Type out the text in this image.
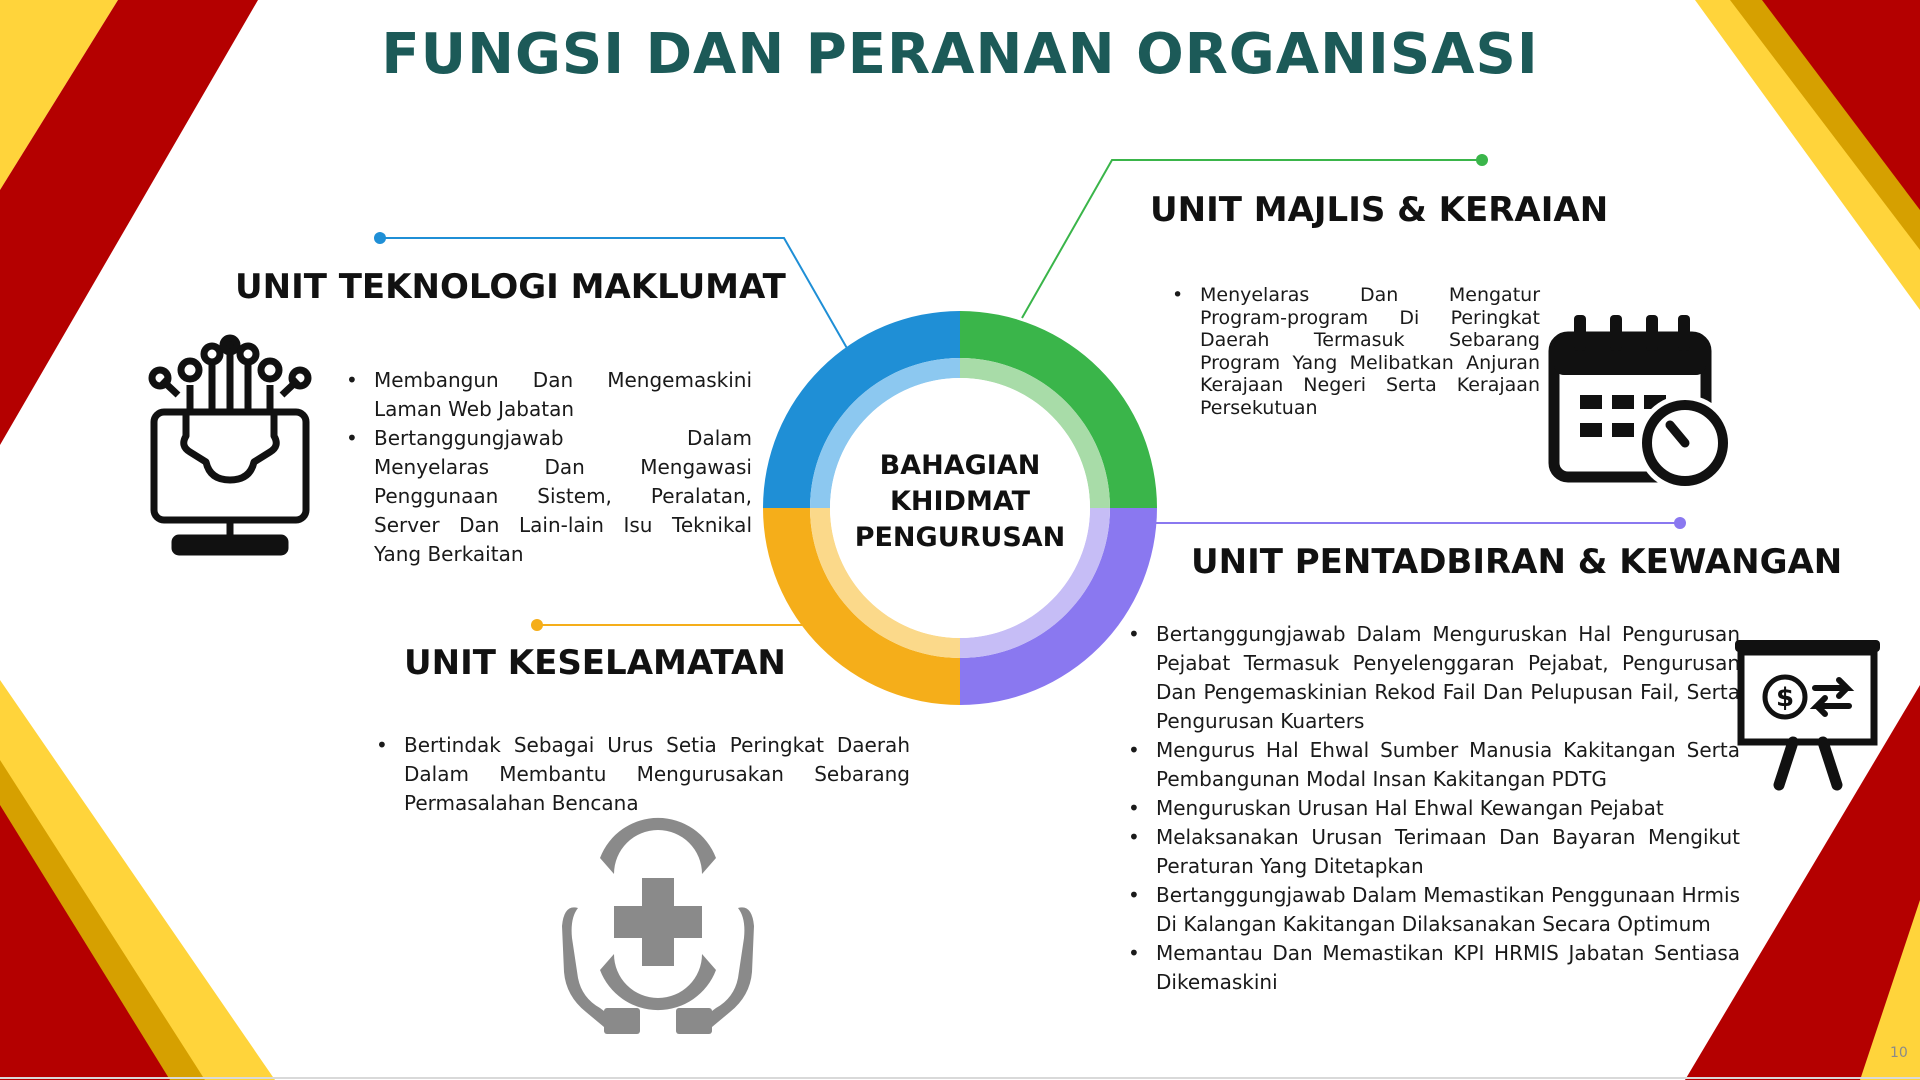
$
FUNGSI DAN PERANAN ORGANISASI
BAHAGIAN
KHIDMAT
PENGURUSAN
UNIT TEKNOLOGI MAKLUMAT
• Membangun Dan Mengemaskini Laman Web Jabatan
• Bertanggungjawab Dalam Menyelaras Dan Mengawasi Penggunaan Sistem, Peralatan, Server Dan Lain-lain Isu Teknikal Yang Berkaitan
UNIT MAJLIS & KERAIAN
• Menyelaras Dan Mengatur Program-program Di Peringkat Daerah Termasuk Sebarang Program Yang Melibatkan Anjuran Kerajaan Negeri Serta Kerajaan Persekutuan
UNIT KESELAMATAN
• Bertindak Sebagai Urus Setia Peringkat Daerah Dalam Membantu Mengurusakan Sebarang Permasalahan Bencana
UNIT PENTADBIRAN & KEWANGAN
• Bertanggungjawab Dalam Menguruskan Hal Pengurusan Pejabat Termasuk Penyelenggaran Pejabat, Pengurusan Dan Pengemaskinian Rekod Fail Dan Pelupusan Fail, Serta Pengurusan Kuarters
• Mengurus Hal Ehwal Sumber Manusia Kakitangan Serta Pembangunan Modal Insan Kakitangan PDTG
• Menguruskan Urusan Hal Ehwal Kewangan Pejabat
• Melaksanakan Urusan Terimaan Dan Bayaran Mengikut Peraturan Yang Ditetapkan
• Bertanggungjawab Dalam Memastikan Penggunaan Hrmis Di Kalangan Kakitangan Dilaksanakan Secara Optimum
• Memantau Dan Memastikan KPI HRMIS Jabatan Sentiasa Dikemaskini
10
